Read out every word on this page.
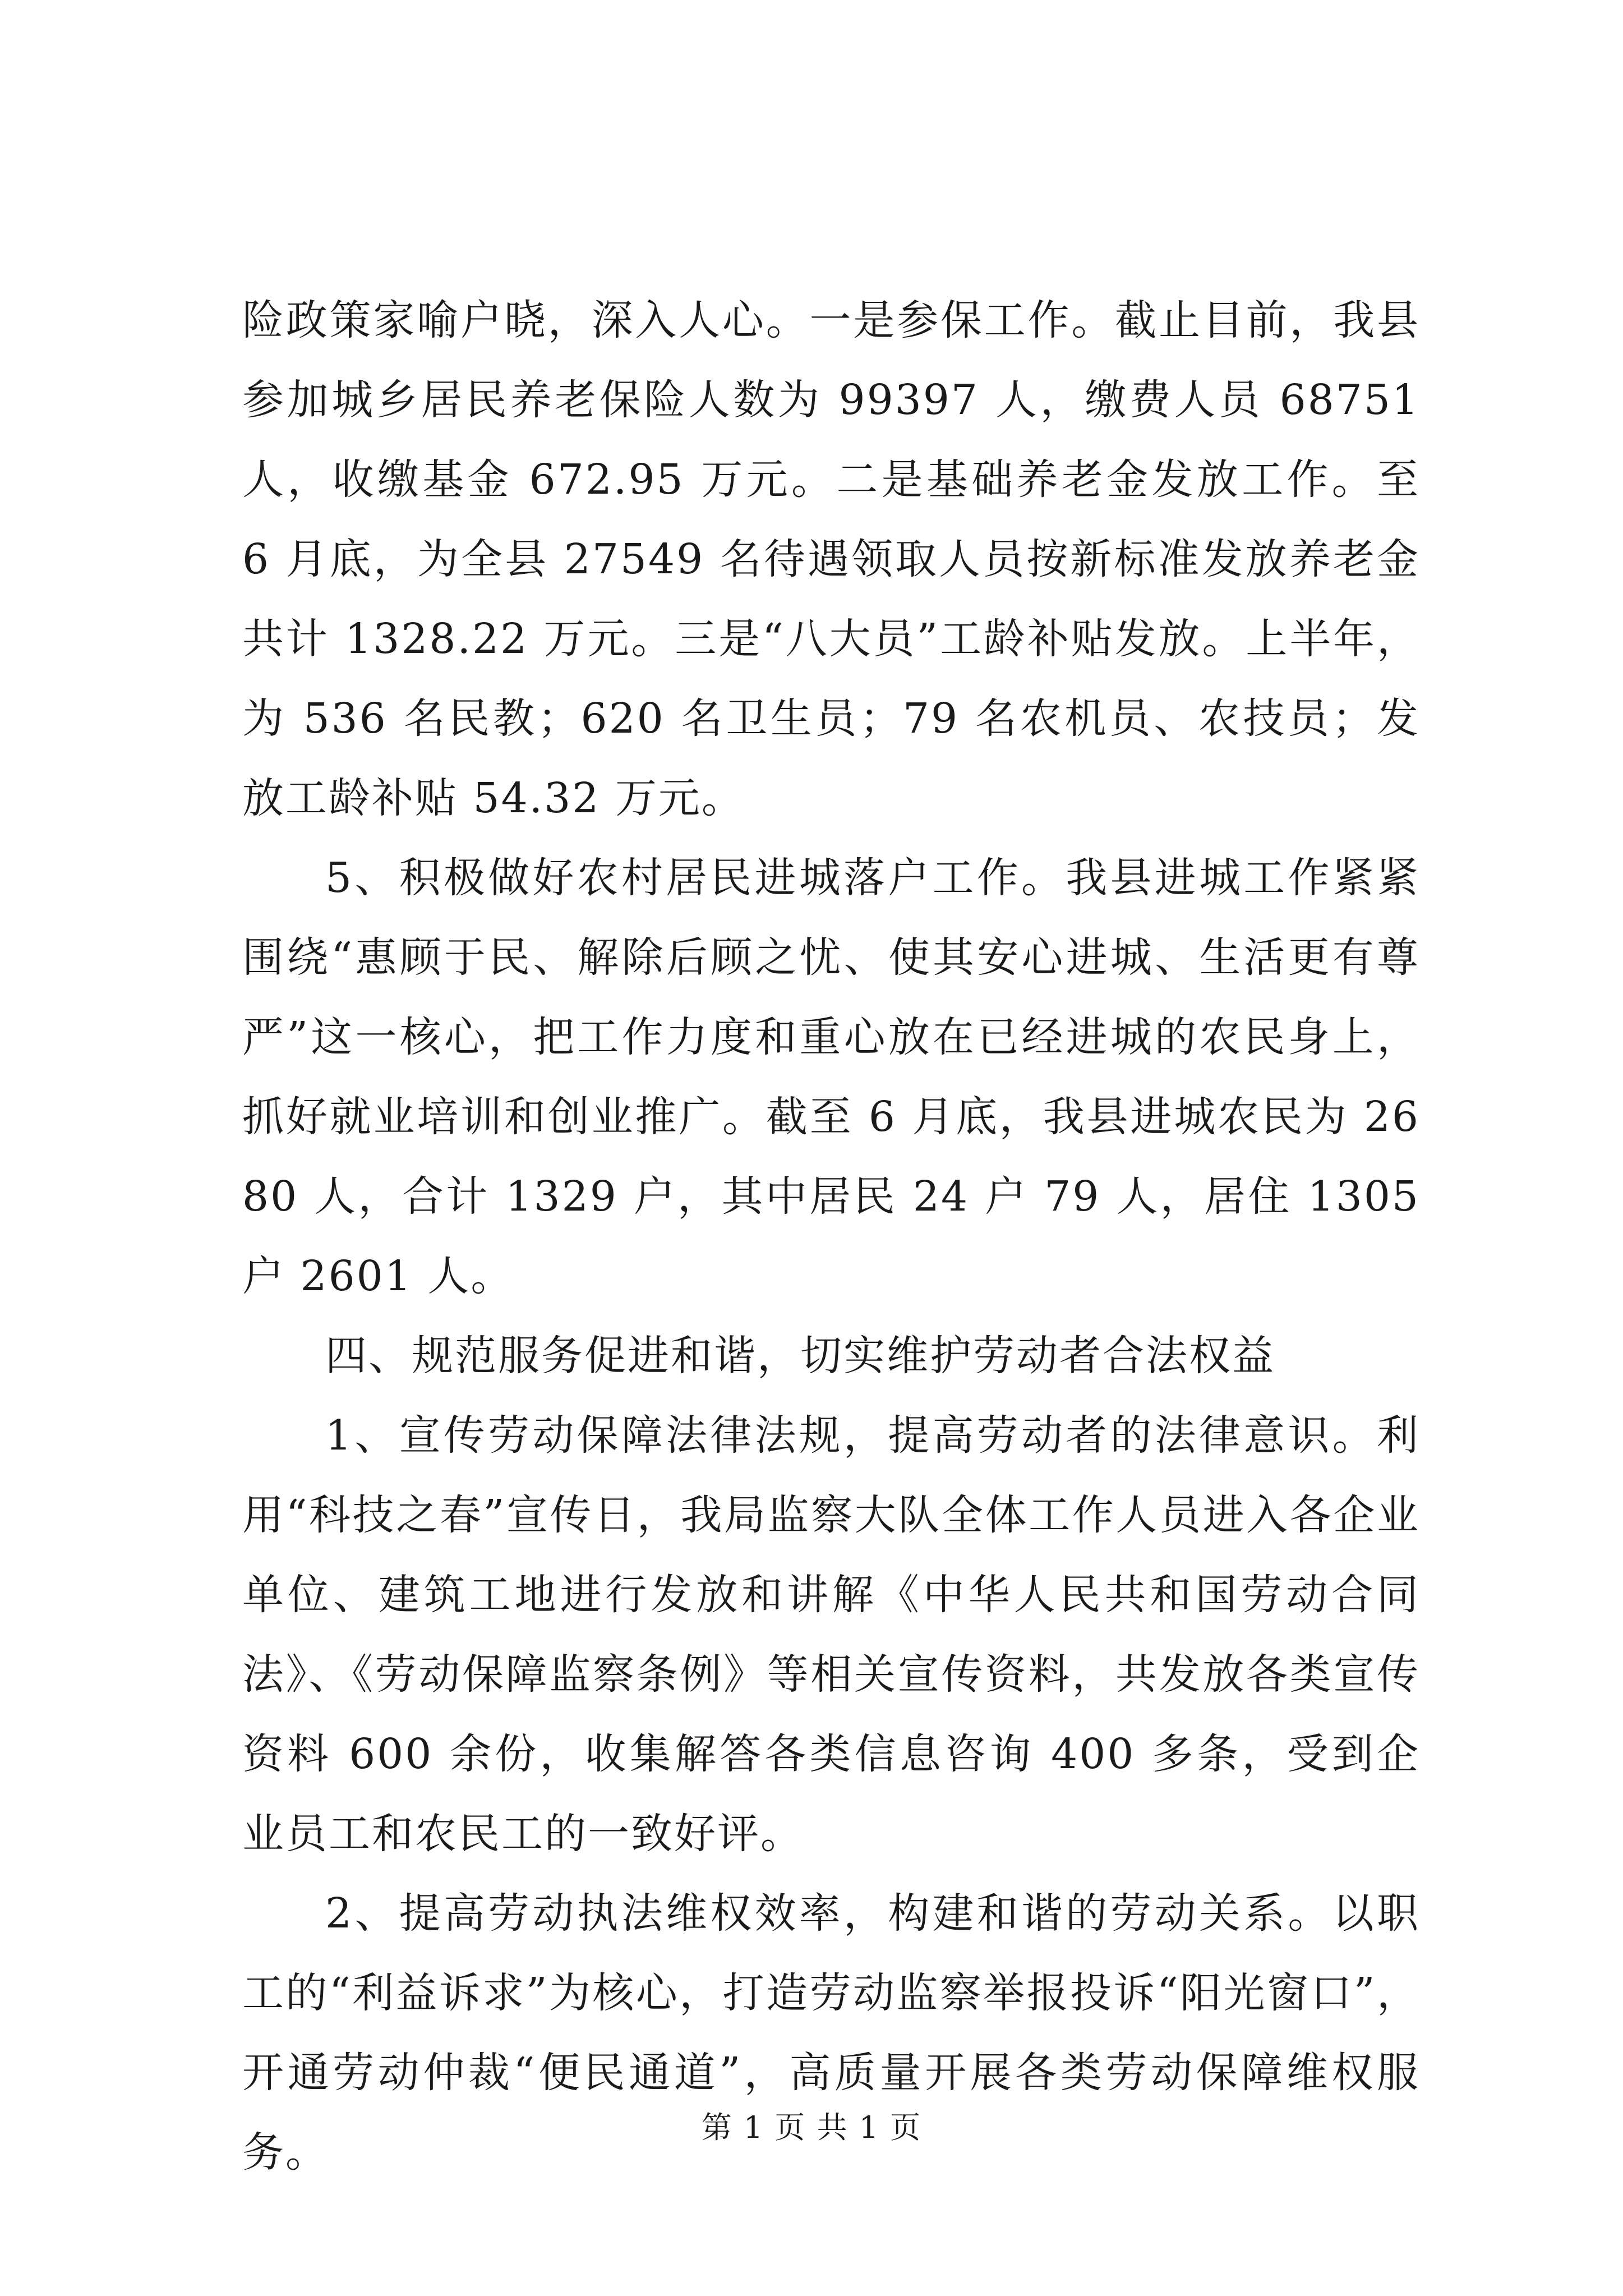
险政策家喻户晓，深入人心。一是参保工作。截止目前，我县参加城乡居民养老保险人数为 99397 人，缴费人员 68751 人，收缴基金 672.95 万元。二是基础养老金发放工作。至 6 月底，为全县 27549 名待遇领取人员按新标准发放养老金共计 1328.22 万元。三是“八大员”工龄补贴发放。上半年，为 536 名民教；620 名卫生员；79 名农机员、农技员；发放工龄补贴 54.32 万元。

5、积极做好农村居民进城落户工作。我县进城工作紧紧围绕“惠顾于民、解除后顾之忧、使其安心进城、生活更有尊严”这一核心，把工作力度和重心放在已经进城的农民身上，抓好就业培训和创业推广。截至 6 月底，我县进城农民为 2680 人，合计 1329 户，其中居民 24 户 79 人，居住 1305 户 2601 人。

四、规范服务促进和谐，切实维护劳动者合法权益

1、宣传劳动保障法律法规，提高劳动者的法律意识。利用“科技之春”宣传日，我局监察大队全体工作人员进入各企业单位、建筑工地进行发放和讲解《中华人民共和国劳动合同法》、《劳动保障监察条例》等相关宣传资料，共发放各类宣传资料 600 余份，收集解答各类信息咨询 400 多条，受到企业员工和农民工的一致好评。

2、提高劳动执法维权效率，构建和谐的劳动关系。以职工的“利益诉求”为核心，打造劳动监察举报投诉“阳光窗口”，开通劳动仲裁“便民通道”，高质量开展各类劳动保障维权服务。

第 1 页 共 1 页
